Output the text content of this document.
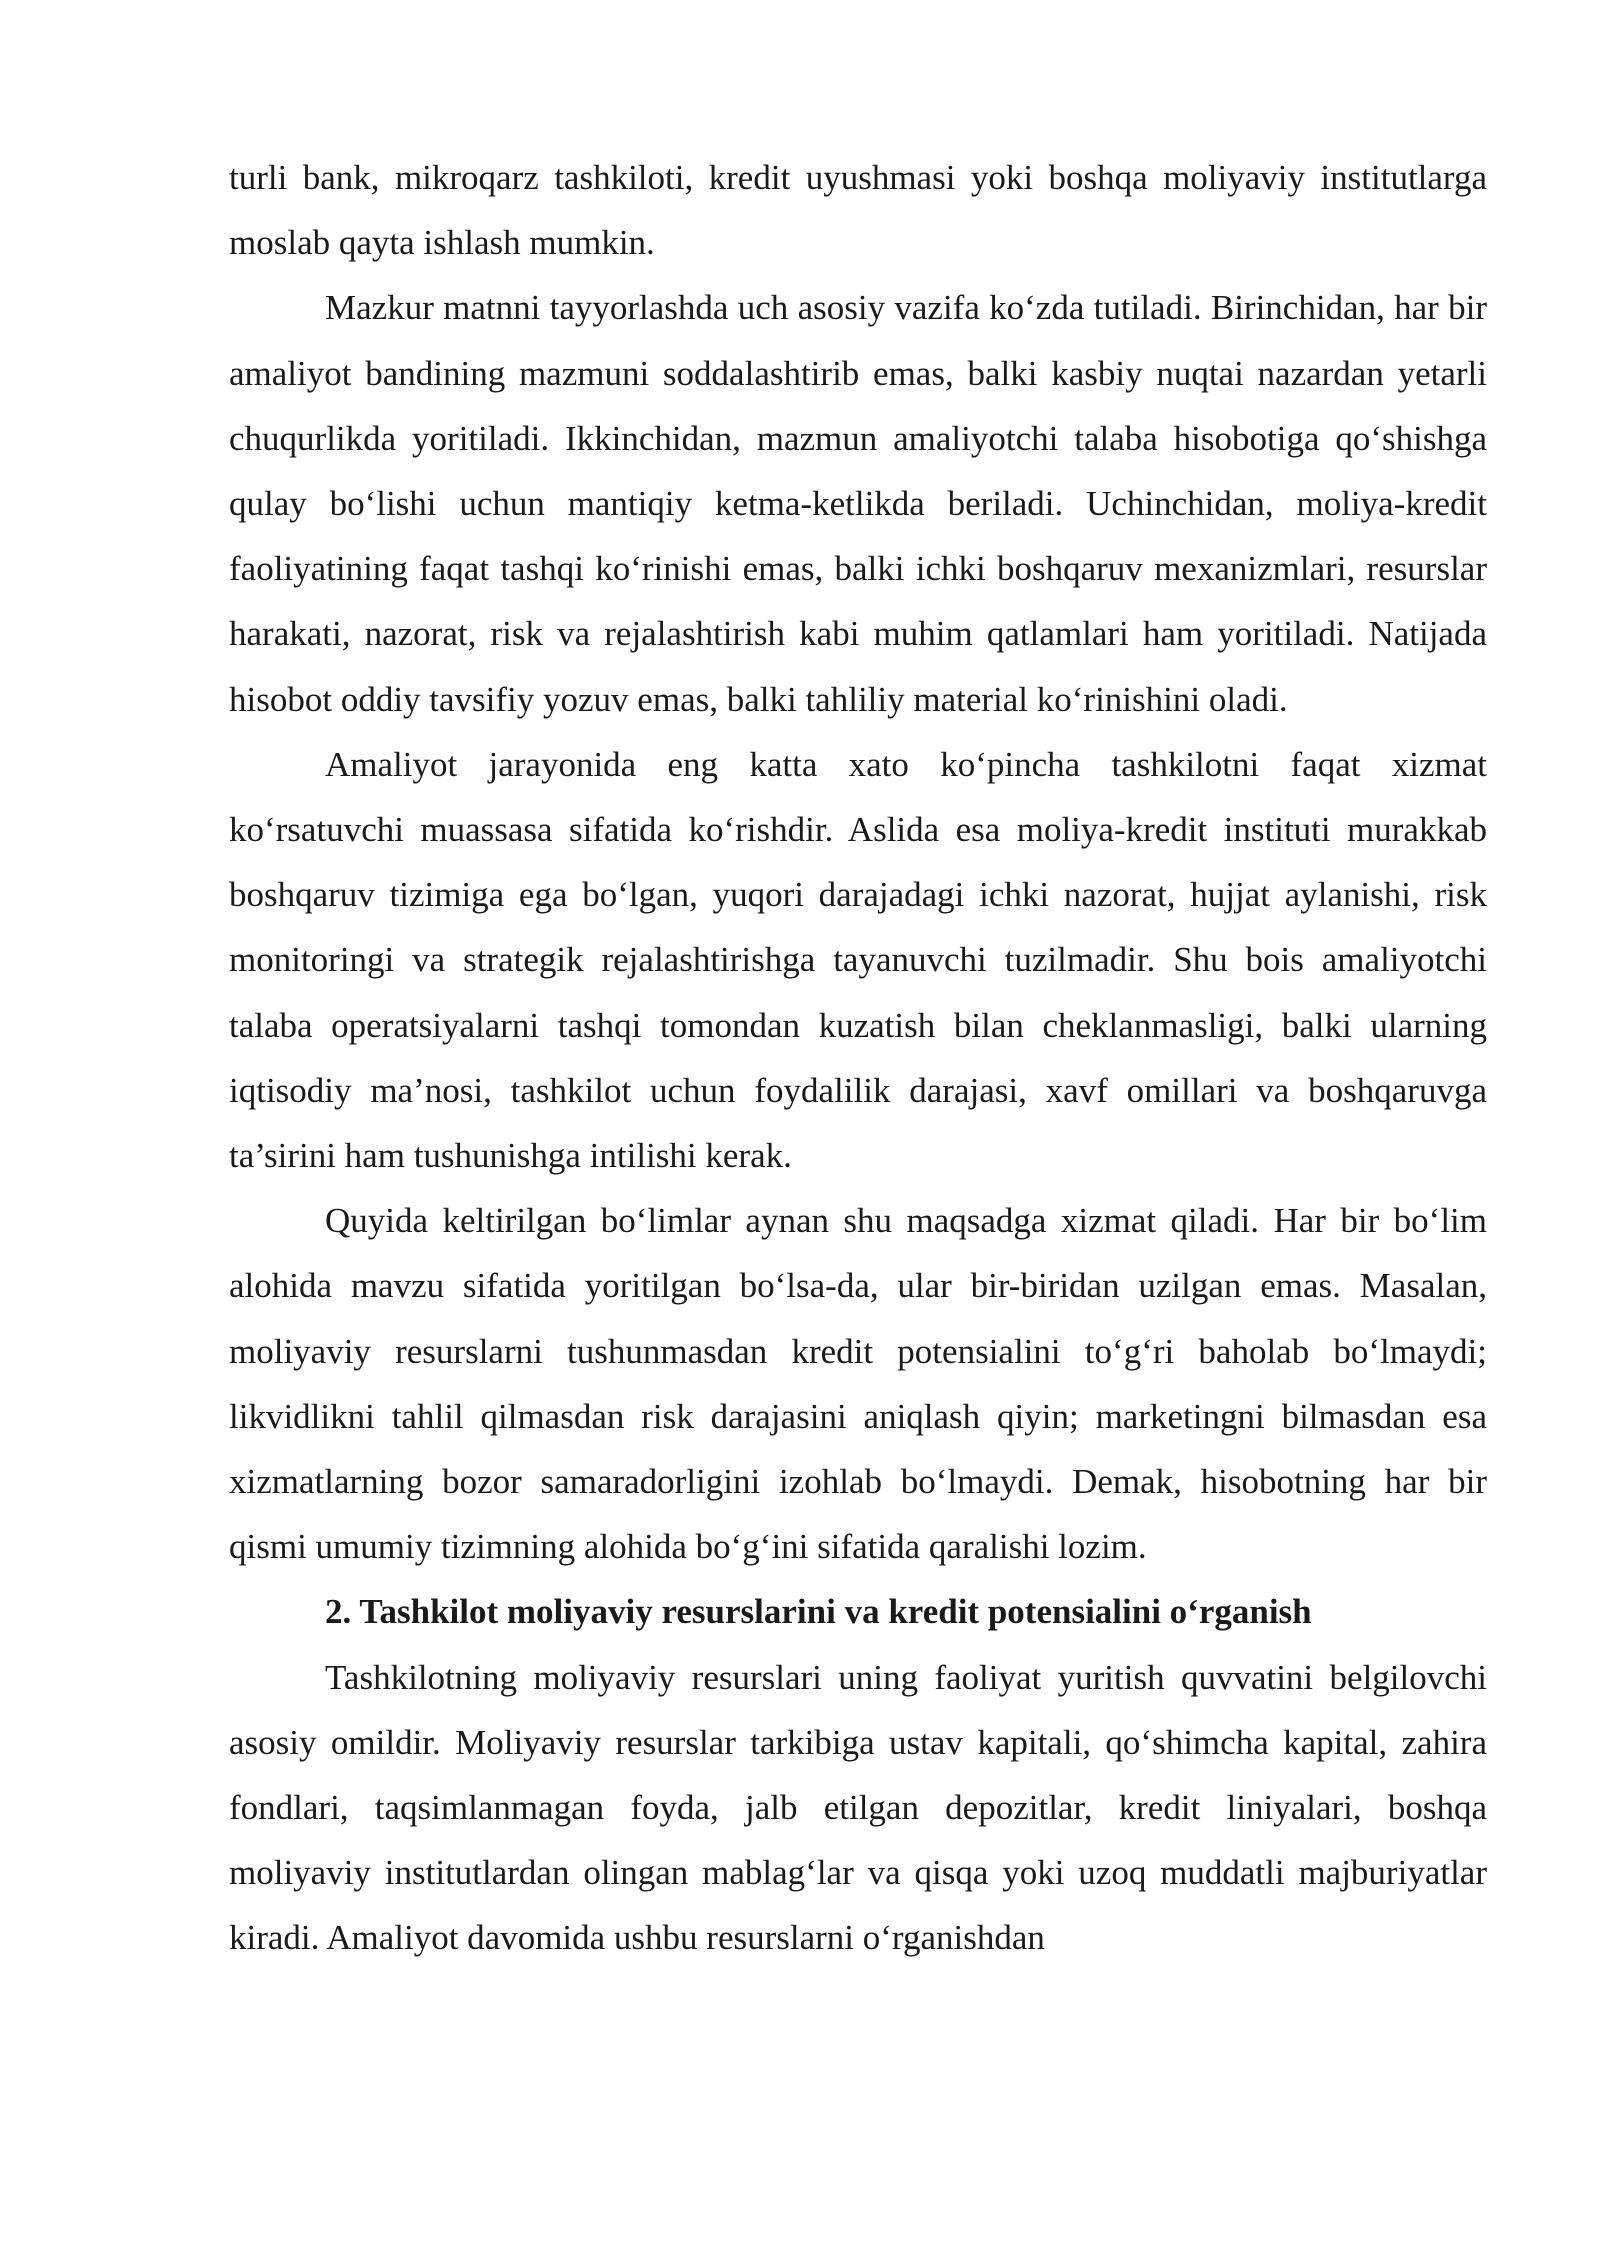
turli bank, mikroqarz tashkiloti, kredit uyushmasi yoki boshqa moliyaviy institutlarga moslab qayta ishlash mumkin.

Mazkur matnni tayyorlashda uch asosiy vazifa ko‘zda tutiladi. Birinchidan, har bir amaliyot bandining mazmuni soddalashtirib emas, balki kasbiy nuqtai nazardan yetarli chuqurlikda yoritiladi. Ikkinchidan, mazmun amaliyotchi talaba hisobotiga qo‘shishga qulay bo‘lishi uchun mantiqiy ketma-ketlikda beriladi. Uchinchidan, moliya-kredit faoliyatining faqat tashqi ko‘rinishi emas, balki ichki boshqaruv mexanizmlari, resurslar harakati, nazorat, risk va rejalashtirish kabi muhim qatlamlari ham yoritiladi. Natijada hisobot oddiy tavsifiy yozuv emas, balki tahliliy material ko‘rinishini oladi.

Amaliyot jarayonida eng katta xato ko‘pincha tashkilotni faqat xizmat ko‘rsatuvchi muassasa sifatida ko‘rishdir. Aslida esa moliya-kredit instituti murakkab boshqaruv tizimiga ega bo‘lgan, yuqori darajadagi ichki nazorat, hujjat aylanishi, risk monitoringi va strategik rejalashtirishga tayanuvchi tuzilmadir. Shu bois amaliyotchi talaba operatsiyalarni tashqi tomondan kuzatish bilan cheklanmasligi, balki ularning iqtisodiy ma’nosi, tashkilot uchun foydalilik darajasi, xavf omillari va boshqaruvga ta’sirini ham tushunishga intilishi kerak.

Quyida keltirilgan bo‘limlar aynan shu maqsadga xizmat qiladi. Har bir bo‘lim alohida mavzu sifatida yoritilgan bo‘lsa-da, ular bir-biridan uzilgan emas. Masalan, moliyaviy resurslarni tushunmasdan kredit potensialini to‘g‘ri baholab bo‘lmaydi; likvidlikni tahlil qilmasdan risk darajasini aniqlash qiyin; marketingni bilmasdan esa xizmatlarning bozor samaradorligini izohlab bo‘lmaydi. Demak, hisobotning har bir qismi umumiy tizimning alohida bo‘g‘ini sifatida qaralishi lozim.

2. Tashkilot moliyaviy resurslarini va kredit potensialini o‘rganish

Tashkilotning moliyaviy resurslari uning faoliyat yuritish quvvatini belgilovchi asosiy omildir. Moliyaviy resurslar tarkibiga ustav kapitali, qo‘shimcha kapital, zahira fondlari, taqsimlanmagan foyda, jalb etilgan depozitlar, kredit liniyalari, boshqa moliyaviy institutlardan olingan mablag‘lar va qisqa yoki uzoq muddatli majburiyatlar kiradi. Amaliyot davomida ushbu resurslarni o‘rganishdan
